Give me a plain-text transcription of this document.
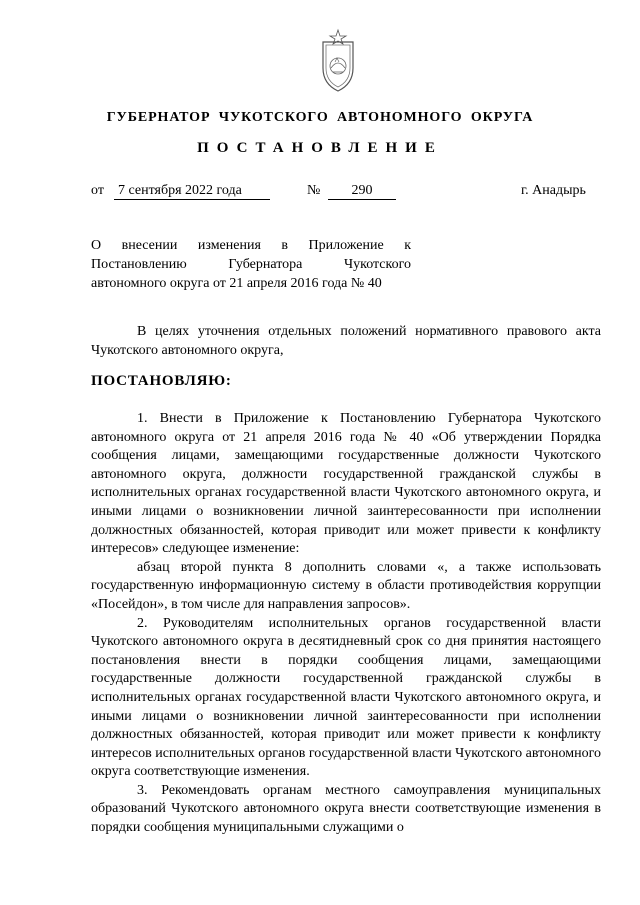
ГУБЕРНАТОР ЧУКОТСКОГО АВТОНОМНОГО ОКРУГА
ПОСТАНОВЛЕНИЕ
от 7 сентября 2022 года	№	290	г. Анадырь
О внесении изменения в Приложение к Постановлению Губернатора Чукотского автономного округа от 21 апреля 2016 года № 40
В целях уточнения отдельных положений нормативного правового акта Чукотского автономного округа,
ПОСТАНОВЛЯЮ:

1. Внести в Приложение к Постановлению Губернатора Чукотского автономного округа от 21 апреля 2016 года № 40 «Об утверждении Порядка сообщения лицами, замещающими государственные должности Чукотского автономного округа, должности государственной гражданской службы в исполнительных органах государственной власти Чукотского автономного округа, и иными лицами о возникновении личной заинтересованности при исполнении должностных обязанностей, которая приводит или может привести к конфликту интересов» следующее изменение:

абзац второй пункта 8 дополнить словами «, а также использовать государственную информационную систему в области противодействия коррупции «Посейдон», в том числе для направления запросов».

2. Руководителям исполнительных органов государственной власти Чукотского автономного округа в десятидневный срок со дня принятия настоящего постановления внести в порядки сообщения лицами, замещающими государственные должности государственной гражданской службы в исполнительных органах государственной власти Чукотского автономного округа, и иными лицами о возникновении личной заинтересованности при исполнении должностных обязанностей, которая приводит или может привести к конфликту интересов исполнительных органов государственной власти Чукотского автономного округа соответствующие изменения.

3. Рекомендовать органам местного самоуправления муниципальных образований Чукотского автономного округа внести соответствующие изменения в порядки сообщения муниципальными служащими о
